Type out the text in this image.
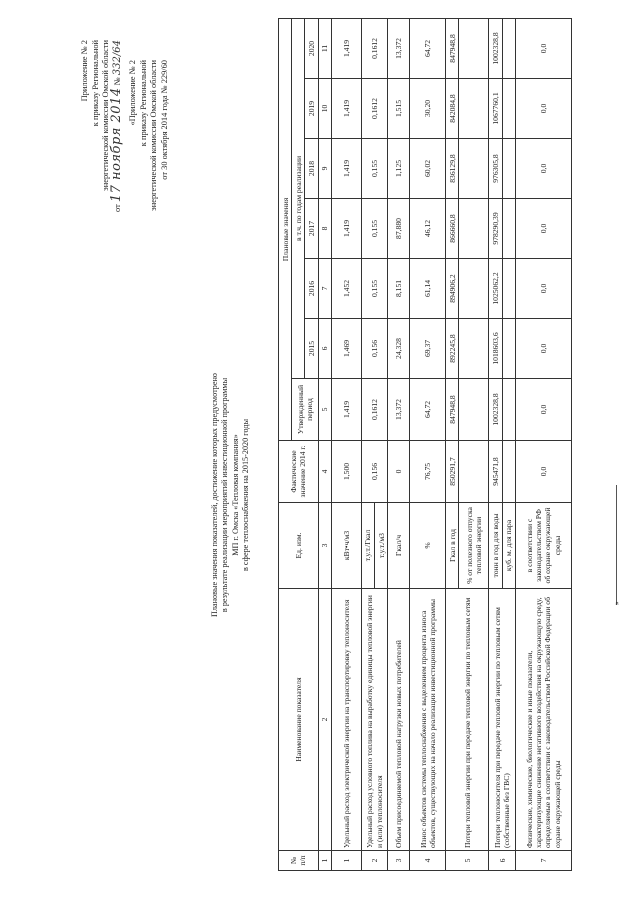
Приложение № 2 к приказу Региональной энергетической комиссии Омской области
от 17 ноября 2014 № 332/64
«Приложение № 2 к приказу Региональной энергетической комиссии Омской области от 30 октября 2014 года № 229/60
Плановые значения показателей, достижение которых предусмотрено в результате реализации мероприятий инвестиционной программы МП г. Омска «Тепловая компания» в сфере теплоснабжения на 2015-2020 годы
№ п/п	Наименование показателя	Ед. изм.	Фактические значение 2014 г.	Плановые значения						
				Утвержденный период	в т.ч. по годам реализации					
					2015	2016	2017	2018	2019	2020
1	2	3	4	5	6	7	8	9	10	11
1	Удельный расход электрической энергии на транспортировку теплоносителя	кВт•ч/м3	1,500	1,419	1,469	1,452	1,419	1,419	1,419	1,419
2	Удельный расход условного топлива на выработку единицы тепловой энергии и (или) теплоносителя	т.у.т./Гкал	0,156	0,1612	0,156	0,155	0,155	0,155	0,1612	0,1612
		т.у.т./м3								
3	Объем присоединяемой тепловой нагрузки новых потребителей	Гкал/ч	0	13,372	24,328	8,151	87,880	1,125	1,515	13,372
4	Износ объектов системы теплоснабжения с выделением процента износа объектов, существующих на начало реализации инвестиционной программы	%	76,75	64,72	69,37	61,14	46,12	60,02	30,20	64,72
5	Потери тепловой энергии при передаче тепловой энергии по тепловым сетям	Гкал в год	850291,7	847948,8	892245,8	894906,2	866660,8	836129,8	842084,8	847948,8
		% от полезного отпуска тепловой энергии								
6	Потери теплоносителя при передаче тепловой энергии по тепловым сетям (собственные без ГВС)	тонн в год для воды	945471,8	1002328,8	1018603,6	1025062,2	978290,39	976305,8	1067760,1	1002328,8
		куб. м. для пара								
7	Физические, химические, биологические и иные показатели, характеризующие снижение негативного воздействия на окружающую среду, определяемые в соответствии с законодательством Российской Федерации об охране окружающей среды	в соответствии с законодательством РФ об охране окружающей среды	0,0	0,0	0,0	0,0	0,0	0,0	0,0	0,0
»
